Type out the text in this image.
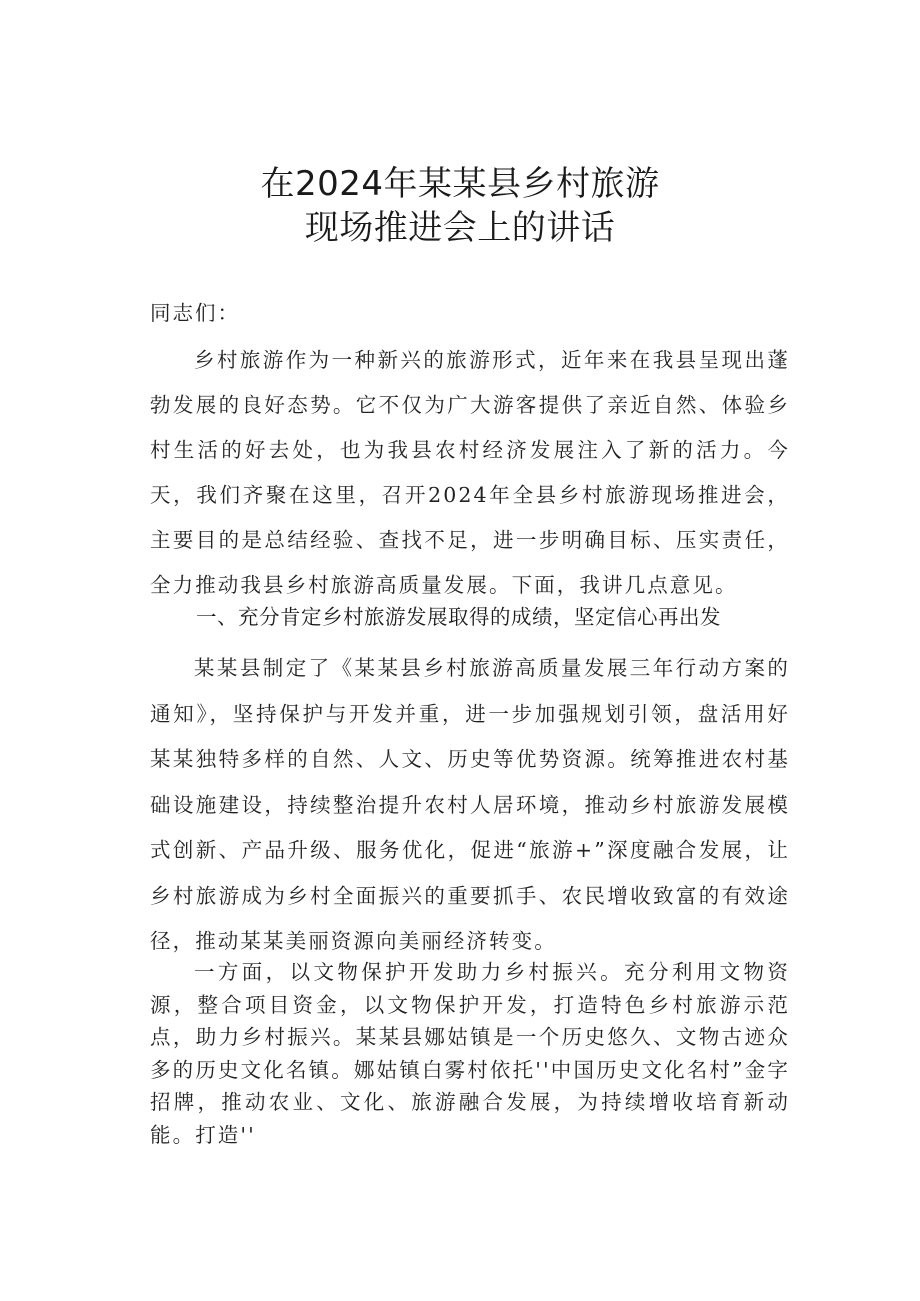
在2024年某某县乡村旅游
现场推进会上的讲话
同志们：
乡村旅游作为一种新兴的旅游形式，近年来在我县呈现出蓬勃发展的良好态势。它不仅为广大游客提供了亲近自然、体验乡村生活的好去处，也为我县农村经济发展注入了新的活力。今天，我们齐聚在这里，召开2024年全县乡村旅游现场推进会，主要目的是总结经验、查找不足，进一步明确目标、压实责任，全力推动我县乡村旅游高质量发展。下面，我讲几点意见。
一、充分肯定乡村旅游发展取得的成绩，坚定信心再出发
某某县制定了《某某县乡村旅游高质量发展三年行动方案的通知》，坚持保护与开发并重，进一步加强规划引领，盘活用好某某独特多样的自然、人文、历史等优势资源。统筹推进农村基础设施建设，持续整治提升农村人居环境，推动乡村旅游发展模式创新、产品升级、服务优化，促进“旅游+”深度融合发展，让乡村旅游成为乡村全面振兴的重要抓手、农民增收致富的有效途径，推动某某美丽资源向美丽经济转变。
一方面，以文物保护开发助力乡村振兴。充分利用文物资源，整合项目资金，以文物保护开发，打造特色乡村旅游示范点，助力乡村振兴。某某县娜姑镇是一个历史悠久、文物古迹众多的历史文化名镇。娜姑镇白雾村依托''中国历史文化名村”金字招牌，推动农业、文化、旅游融合发展，为持续增收培育新动能。打造''
